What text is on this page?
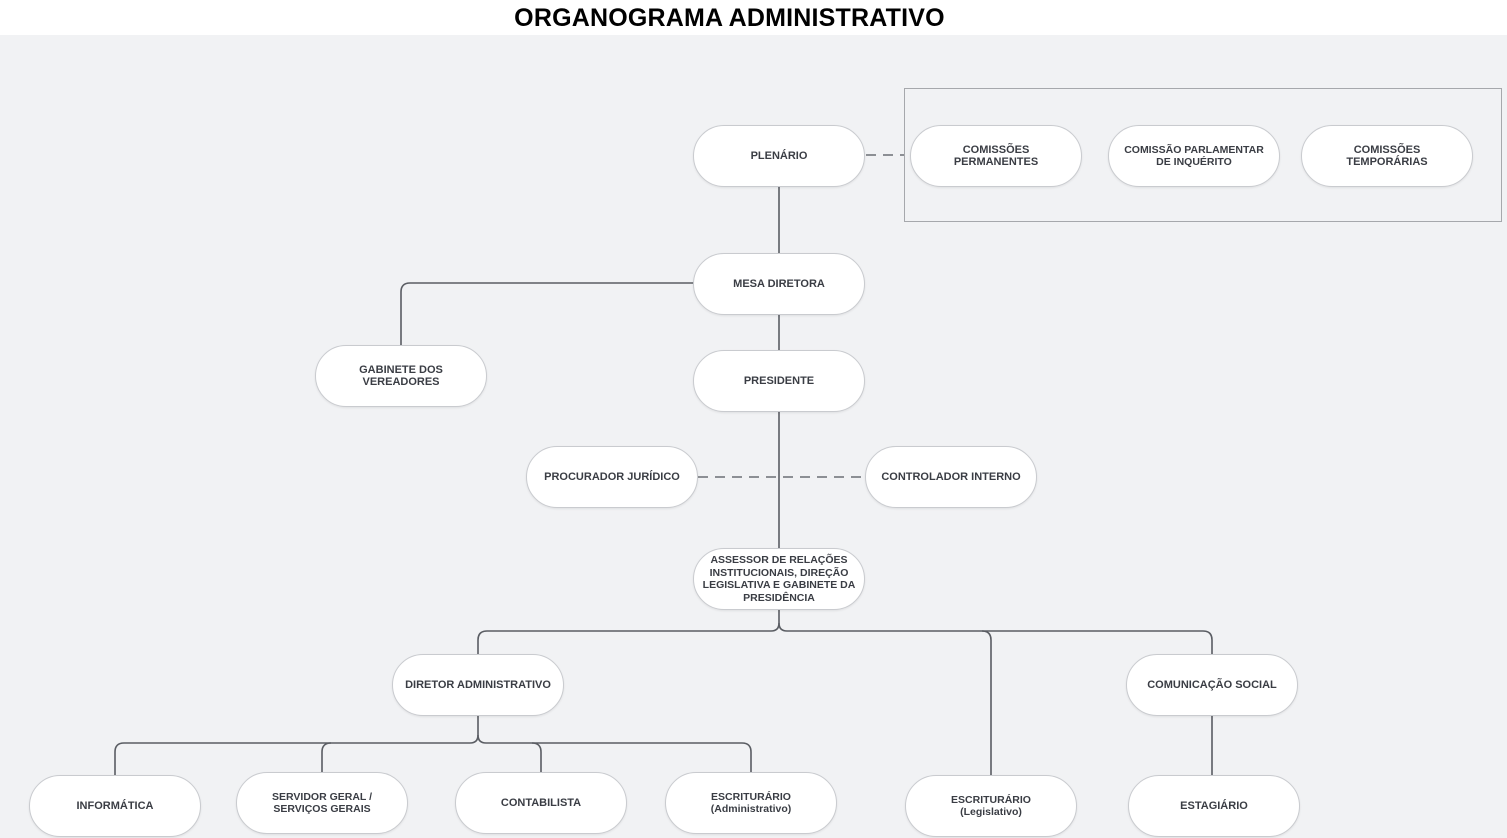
ORGANOGRAMA ADMINISTRATIVO
PLENÁRIO
COMISSÕES PERMANENTES
COMISSÃO PARLAMENTAR DE INQUÉRITO
COMISSÕES TEMPORÁRIAS
MESA DIRETORA
GABINETE DOS VEREADORES	PRESIDENTE
PROCURADOR JURÍDICO	CONTROLADOR INTERNO
ASSESSOR DE RELAÇÕES INSTITUCIONAIS, DIREÇÃO LEGISLATIVA E GABINETE DA PRESIDÊNCIA
DIRETOR ADMINISTRATIVO	COMUNICAÇÃO SOCIAL
INFORMÁTICA
SERVIDOR GERAL / SERVIÇOS GERAIS
CONTABILISTA
ESCRITURÁRIO
(Administrativo)
ESCRITURÁRIO
(Legislativo)
ESTAGIÁRIO
